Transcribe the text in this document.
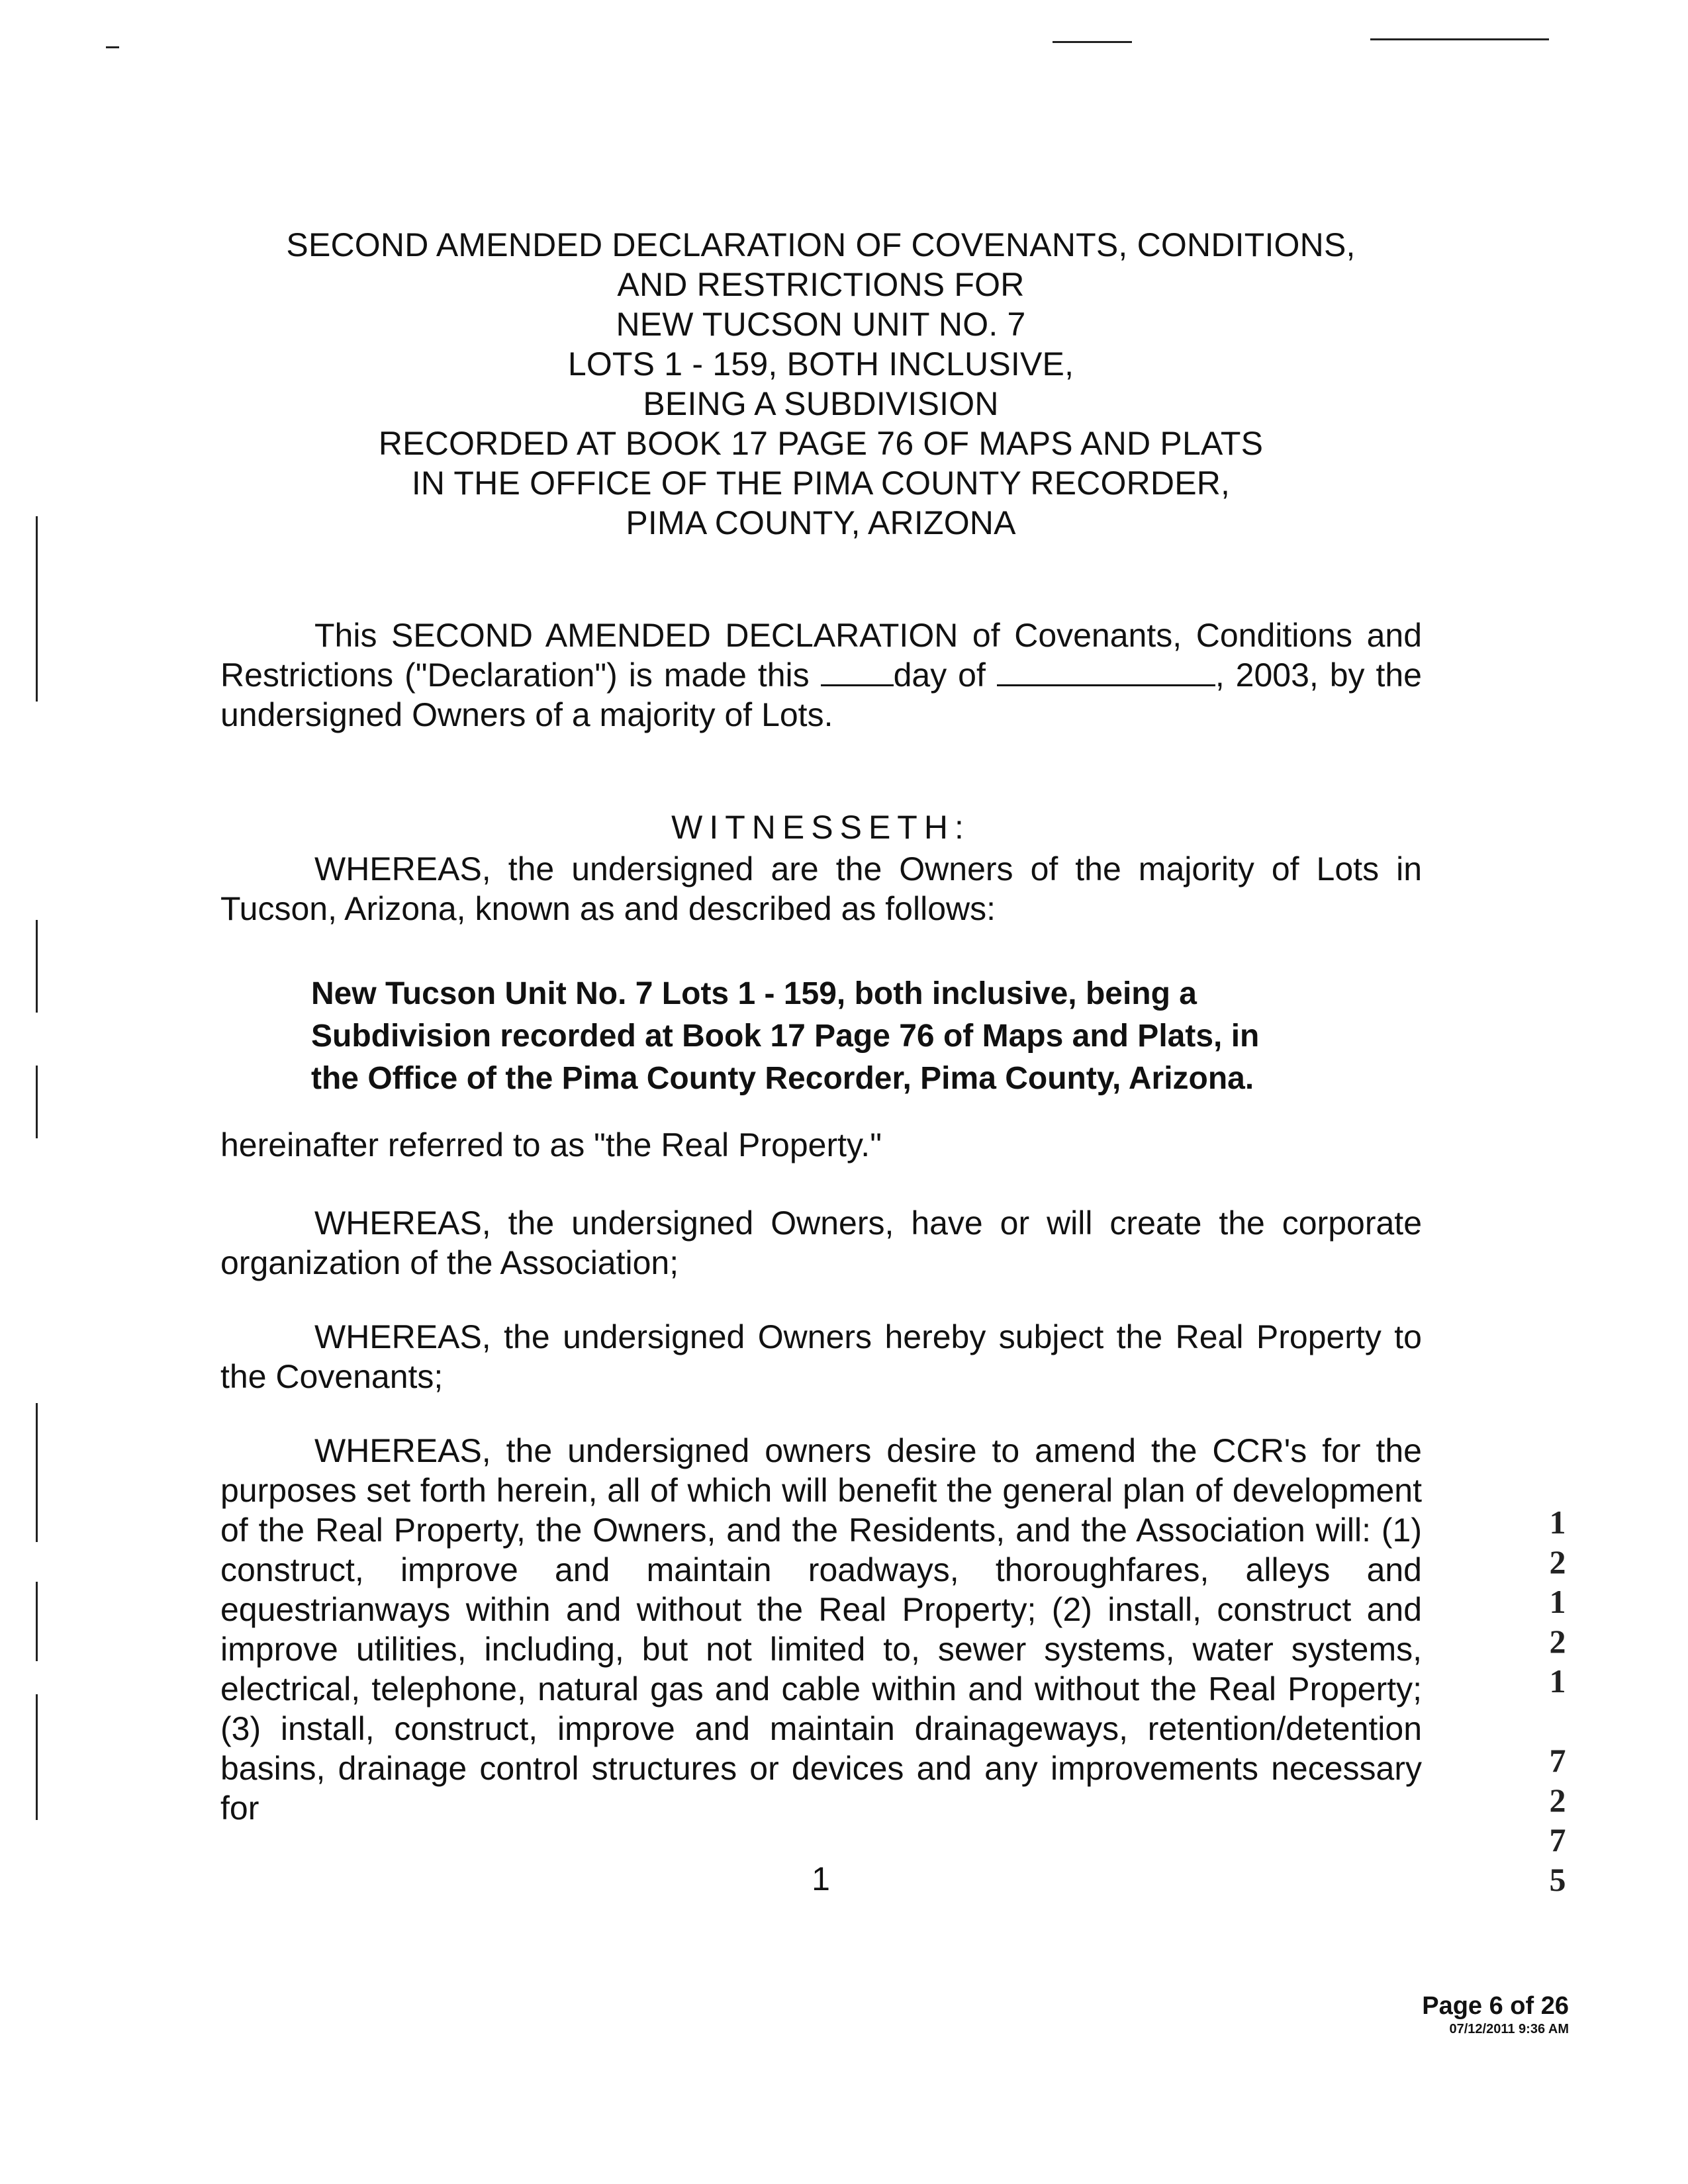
SECOND AMENDED DECLARATION OF COVENANTS, CONDITIONS,
AND RESTRICTIONS FOR
NEW TUCSON UNIT NO. 7
LOTS 1 - 159, BOTH INCLUSIVE,
BEING A SUBDIVISION
RECORDED AT BOOK 17 PAGE 76 OF MAPS AND PLATS
IN THE OFFICE OF THE PIMA COUNTY RECORDER,
PIMA COUNTY, ARIZONA
This SECOND AMENDED DECLARATION of Covenants, Conditions and Restrictions ("Declaration") is made this day of	, 2003, by the undersigned Owners of a majority of Lots.
WITNESSETH:
WHEREAS, the undersigned are the Owners of the majority of Lots in Tucson, Arizona, known as and described as follows:
New Tucson Unit No. 7 Lots 1 - 159, both inclusive, being a
Subdivision recorded at Book 17 Page 76 of Maps and Plats, in
the Office of the Pima County Recorder, Pima County, Arizona.
hereinafter referred to as "the Real Property."
WHEREAS, the undersigned Owners, have or will create the corporate organization of the Association;
WHEREAS, the undersigned Owners hereby subject the Real Property to the Covenants;
WHEREAS, the undersigned owners desire to amend the CCR's for the purposes set forth herein, all of which will benefit the general plan of development of the Real Property, the Owners, and the Residents, and the Association will: (1) construct, improve and maintain roadways, thoroughfares, alleys and equestrianways within and without the Real Property; (2) install, construct and improve utilities, including, but not limited to, sewer systems, water systems, electrical, telephone, natural gas and cable within and without the Real Property; (3) install, construct, improve and maintain drainageways, retention/detention basins, drainage control structures or devices and any improvements necessary for
1
2
1
2
1
7
2
7
5
1
Page 6 of 26
07/12/2011 9:36 AM
